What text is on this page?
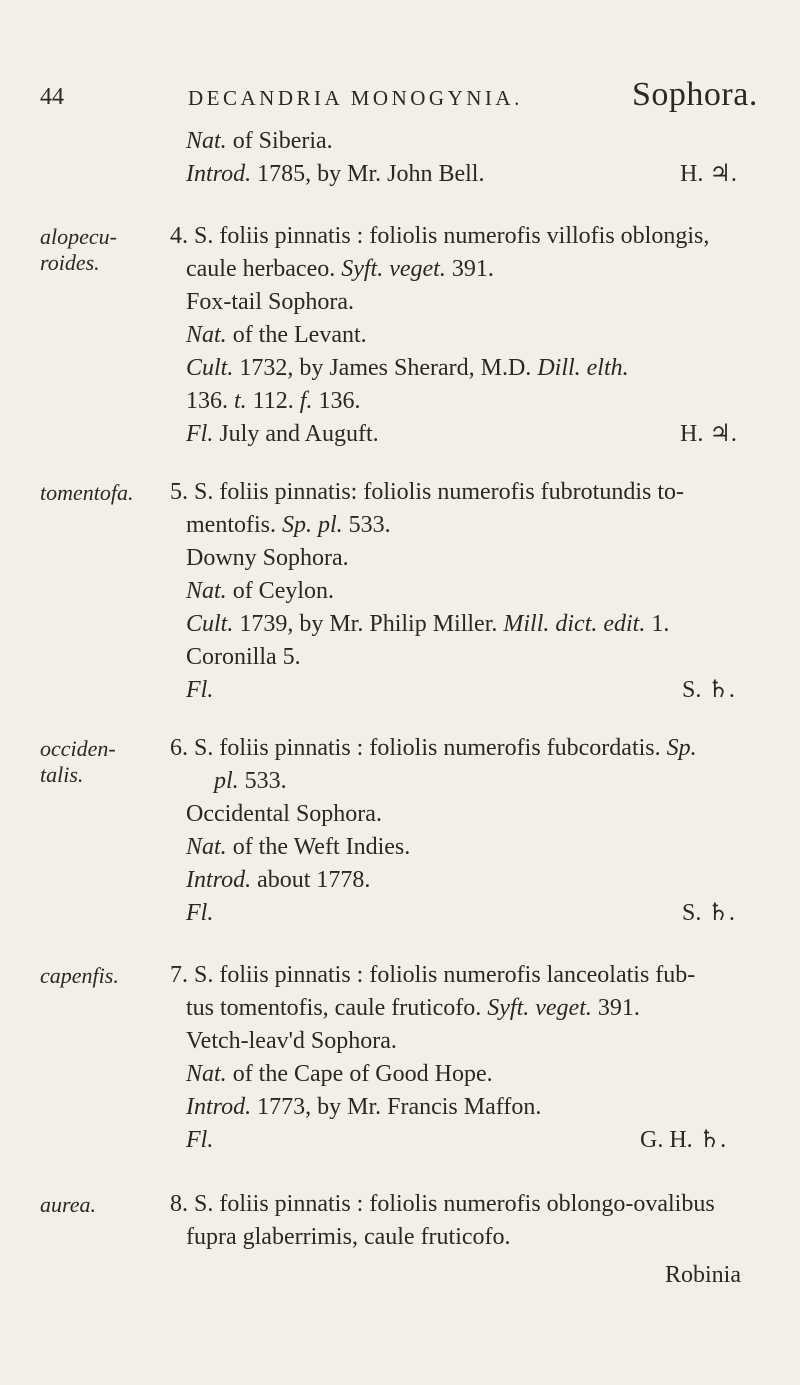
44	DECANDRIA MONOGYNIA.	Sophora.
Nat. of Siberia.
Introd. 1785, by Mr. John Bell.	H. ♃.
alopecu-
roides.
4. S. foliis pinnatis : foliolis numerofis villofis oblongis,
caule herbaceo. Syft. veget. 391.
Fox-tail Sophora.
Nat. of the Levant.
Cult. 1732, by James Sherard, M.D. Dill. elth.
136. t. 112. f. 136.
Fl. July and Auguft.	H. ♃.
tomentofa. 5. S. foliis pinnatis: foliolis numerofis fubrotundis to-
mentofis. Sp. pl. 533.
Downy Sophora.
Nat. of Ceylon.
Cult. 1739, by Mr. Philip Miller. Mill. dict. edit. 1.
Coronilla 5.
Fl.	S. ♄.
occiden-
talis.
6. S. foliis pinnatis : foliolis numerofis fubcordatis. Sp.
pl. 533.
Occidental Sophora.
Nat. of the Weft Indies.
Introd. about 1778.
Fl.	S. ♄.
capenfis. 7. S. foliis pinnatis : foliolis numerofis lanceolatis fub-
tus tomentofis, caule fruticofo. Syft. veget. 391.
Vetch-leav'd Sophora.
Nat. of the Cape of Good Hope.
Introd. 1773, by Mr. Francis Maffon.
Fl.	G. H. ♄.
aurea.	8. S. foliis pinnatis : foliolis numerofis oblongo-ovalibus
fupra glaberrimis, caule fruticofo.
Robinia
